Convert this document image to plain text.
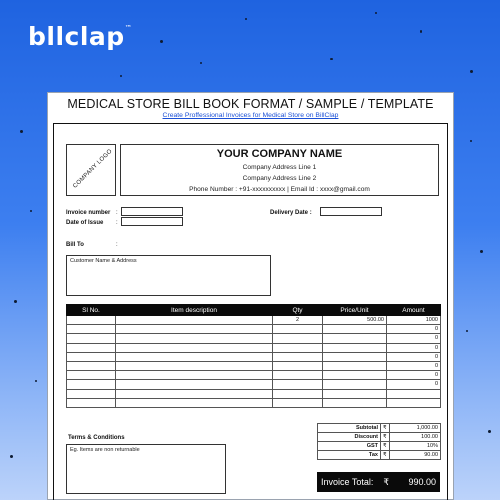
bllclap™
MEDICAL STORE BILL BOOK FORMAT / SAMPLE / TEMPLATE
Create Proffessional Invoices for Medical Store on BillClap
COMPANY LOGO	YOUR COMPANY NAME
Company Address Line 1
Company Address Line 2
Phone Number : +91-xxxxxxxxxx | Email Id : xxxx@gmail.com
Invoice number :
Date of Issue :
Delivery Date :
Bill To	:
Customer Name & Address
Sl No.	Item description	Qty	Price/Unit	Amount
		2	500.00	1000
				0
				0
				0
				0
				0
				0
				0

Terms & Conditions
Eg. Items are non returnable
Subtotal	₹	1,000.00
Discount	₹	100.00
GST	₹	10%
Tax	₹	90.00
Invoice Total: ₹ 990.00
